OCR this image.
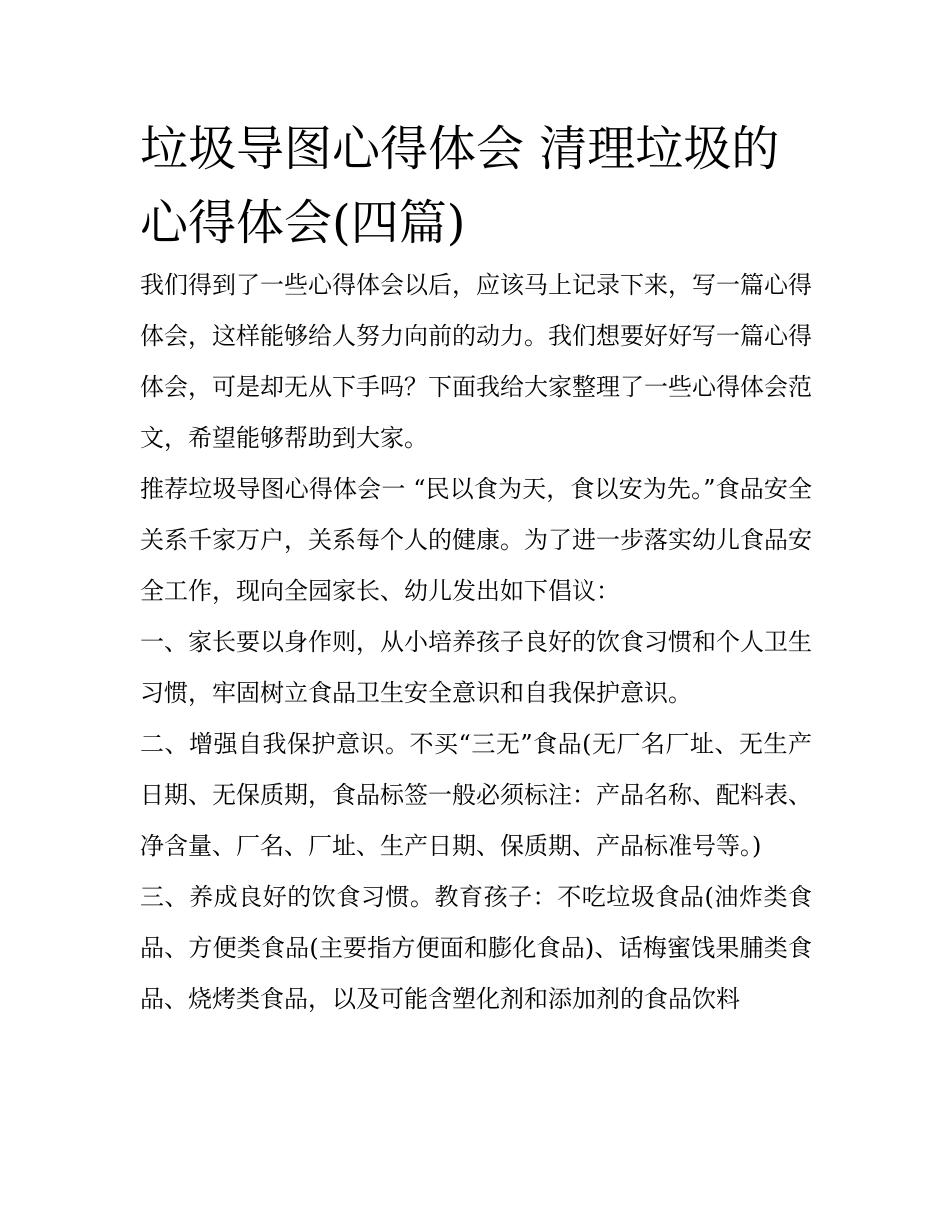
垃圾导图心得体会 清理垃圾的心得体会(四篇)

我们得到了一些心得体会以后，应该马上记录下来，写一篇心得体会，这样能够给人努力向前的动力。我们想要好好写一篇心得体会，可是却无从下手吗？下面我给大家整理了一些心得体会范文，希望能够帮助到大家。

推荐垃圾导图心得体会一 “民以食为天，食以安为先。”食品安全关系千家万户，关系每个人的健康。为了进一步落实幼儿食品安全工作，现向全园家长、幼儿发出如下倡议：

一、家长要以身作则，从小培养孩子良好的饮食习惯和个人卫生习惯，牢固树立食品卫生安全意识和自我保护意识。

二、增强自我保护意识。不买“三无”食品(无厂名厂址、无生产日期、无保质期，食品标签一般必须标注：产品名称、配料表、净含量、厂名、厂址、生产日期、保质期、产品标准号等。)

三、养成良好的饮食习惯。教育孩子：不吃垃圾食品(油炸类食品、方便类食品(主要指方便面和膨化食品)、话梅蜜饯果脯类食品、烧烤类食品，以及可能含塑化剂和添加剂的食品饮料
